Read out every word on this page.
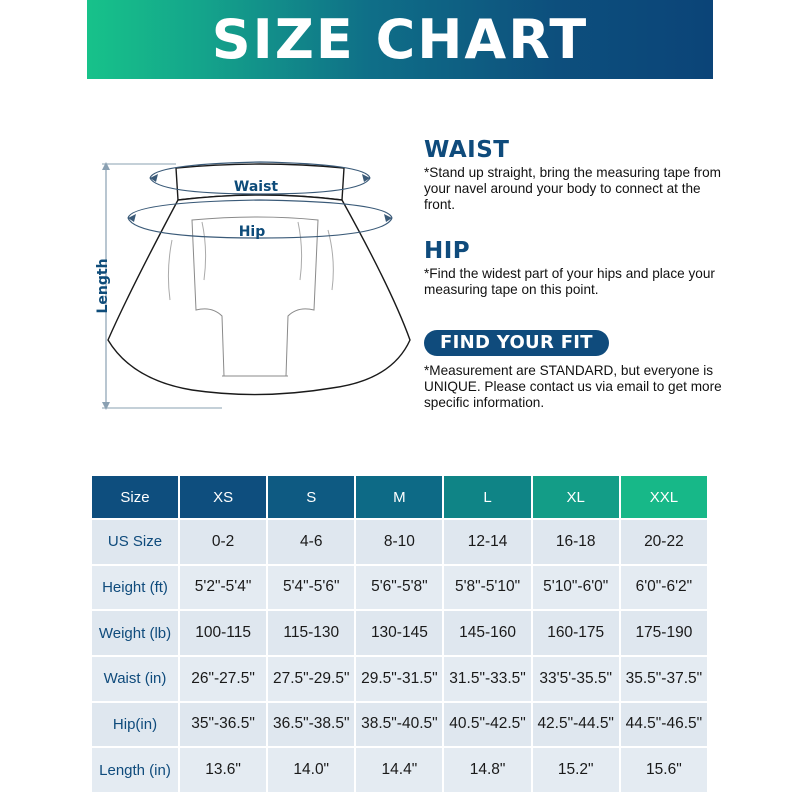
SIZE CHART
Waist
Hip
Length
WAIST
*Stand up straight, bring the measuring tape from your navel around your body to connect at the front.
HIP
*Find the widest part of your hips and place your measuring tape on this point.
FIND YOUR FIT
*Measurement are STANDARD, but everyone is UNIQUE. Please contact us via email to get more specific information.
Size	XS	S	M	L	XL	XXL
US Size	0-2	4-6	8-10	12-14	16-18	20-22
Height (ft)	5'2"-5'4"	5'4"-5'6"	5'6"-5'8"	5'8"-5'10"	5'10"-6'0"	6'0"-6'2"
Weight (lb)	100-115	115-130	130-145	145-160	160-175	175-190
Waist (in)	26"-27.5"	27.5"-29.5"	29.5"-31.5"	31.5"-33.5"	33'5'-35.5"	35.5"-37.5"
Hip(in)	35"-36.5"	36.5"-38.5"	38.5"-40.5"	40.5"-42.5"	42.5"-44.5"	44.5"-46.5"
Length (in)	13.6"	14.0"	14.4"	14.8"	15.2"	15.6"
